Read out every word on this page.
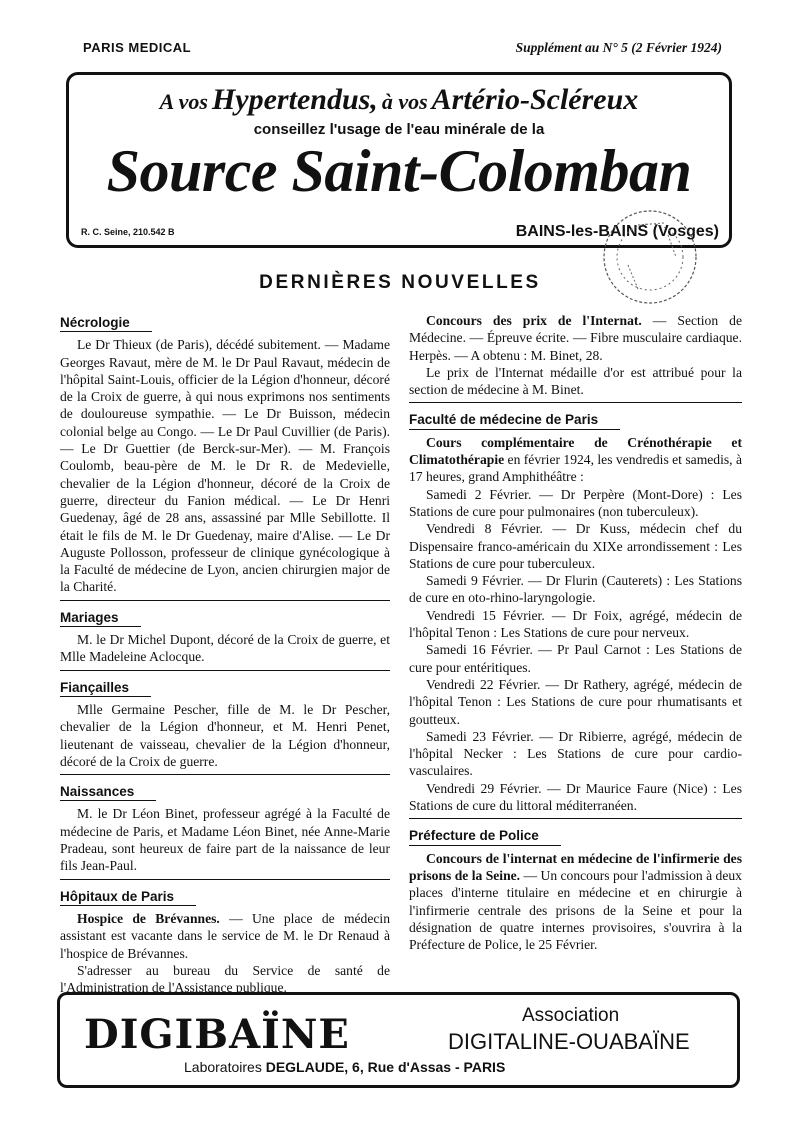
PARIS MEDICAL	Supplément au N° 5 (2 Février 1924)
A vos Hypertendus, à vos Artério-Scléreux
conseillez l'usage de l'eau minérale de la
Source Saint-Colomban
R. C. Seine, 210.542 B	BAINS-les-BAINS (Vosges)
DERNIÈRES NOUVELLES
Nécrologie

Le Dr Thieux (de Paris), décédé subitement. — Madame Georges Ravaut, mère de M. le Dr Paul Ravaut, médecin de l'hôpital Saint-Louis, officier de la Légion d'honneur, décoré de la Croix de guerre, à qui nous exprimons nos sentiments de douloureuse sympathie. — Le Dr Buisson, médecin colonial belge au Congo. — Le Dr Paul Cuvillier (de Paris). — Le Dr Guettier (de Berck-sur-Mer). — M. François Coulomb, beau-père de M. le Dr R. de Medevielle, chevalier de la Légion d'honneur, décoré de la Croix de guerre, directeur du Fanion médical. — Le Dr Henri Guedenay, âgé de 28 ans, assassiné par Mlle Sebillotte. Il était le fils de M. le Dr Guedenay, maire d'Alise. — Le Dr Auguste Pollosson, professeur de clinique gynécologique à la Faculté de médecine de Lyon, ancien chirurgien major de la Charité.

Mariages

M. le Dr Michel Dupont, décoré de la Croix de guerre, et Mlle Madeleine Aclocque.

Fiançailles

Mlle Germaine Pescher, fille de M. le Dr Pescher, chevalier de la Légion d'honneur, et M. Henri Penet, lieutenant de vaisseau, chevalier de la Légion d'honneur, décoré de la Croix de guerre.

Naissances

M. le Dr Léon Binet, professeur agrégé à la Faculté de médecine de Paris, et Madame Léon Binet, née Anne-Marie Pradeau, sont heureux de faire part de la naissance de leur fils Jean-Paul.

Hôpitaux de Paris

Hospice de Brévannes. — Une place de médecin assistant est vacante dans le service de M. le Dr Renaud à l'hospice de Brévannes.

S'adresser au bureau du Service de santé de l'Administration de l'Assistance publique.

Concours des prix de l'Internat. — Section de Médecine. — Épreuve écrite. — Fibre musculaire cardiaque. Herpès. — A obtenu : M. Binet, 28.

Le prix de l'Internat médaille d'or est attribué pour la section de médecine à M. Binet.

Faculté de médecine de Paris

Cours complémentaire de Crénothérapie et Climatothérapie en février 1924, les vendredis et samedis, à 17 heures, grand Amphithéâtre :

Samedi 2 Février. — Dr Perpère (Mont-Dore) : Les Stations de cure pour pulmonaires (non tuberculeux).

Vendredi 8 Février. — Dr Kuss, médecin chef du Dispensaire franco-américain du XIXe arrondissement : Les Stations de cure pour tuberculeux.

Samedi 9 Février. — Dr Flurin (Cauterets) : Les Stations de cure en oto-rhino-laryngologie.

Vendredi 15 Février. — Dr Foix, agrégé, médecin de l'hôpital Tenon : Les Stations de cure pour nerveux.

Samedi 16 Février. — Pr Paul Carnot : Les Stations de cure pour entéritiques.

Vendredi 22 Février. — Dr Rathery, agrégé, médecin de l'hôpital Tenon : Les Stations de cure pour rhumatisants et goutteux.

Samedi 23 Février. — Dr Ribierre, agrégé, médecin de l'hôpital Necker : Les Stations de cure pour cardio-vasculaires.

Vendredi 29 Février. — Dr Maurice Faure (Nice) : Les Stations de cure du littoral méditerranéen.

Préfecture de Police

Concours de l'internat en médecine de l'infirmerie des prisons de la Seine. — Un concours pour l'admission à deux places d'interne titulaire en médecine et en chirurgie à l'infirmerie centrale des prisons de la Seine et pour la désignation de quatre internes provisoires, s'ouvrira à la Préfecture de Police, le 25 Février.

DIGIBAÏNE	Association
DIGITALINE-OUABAÏNE
Laboratoires DEGLAUDE, 6, Rue d'Assas - PARIS
